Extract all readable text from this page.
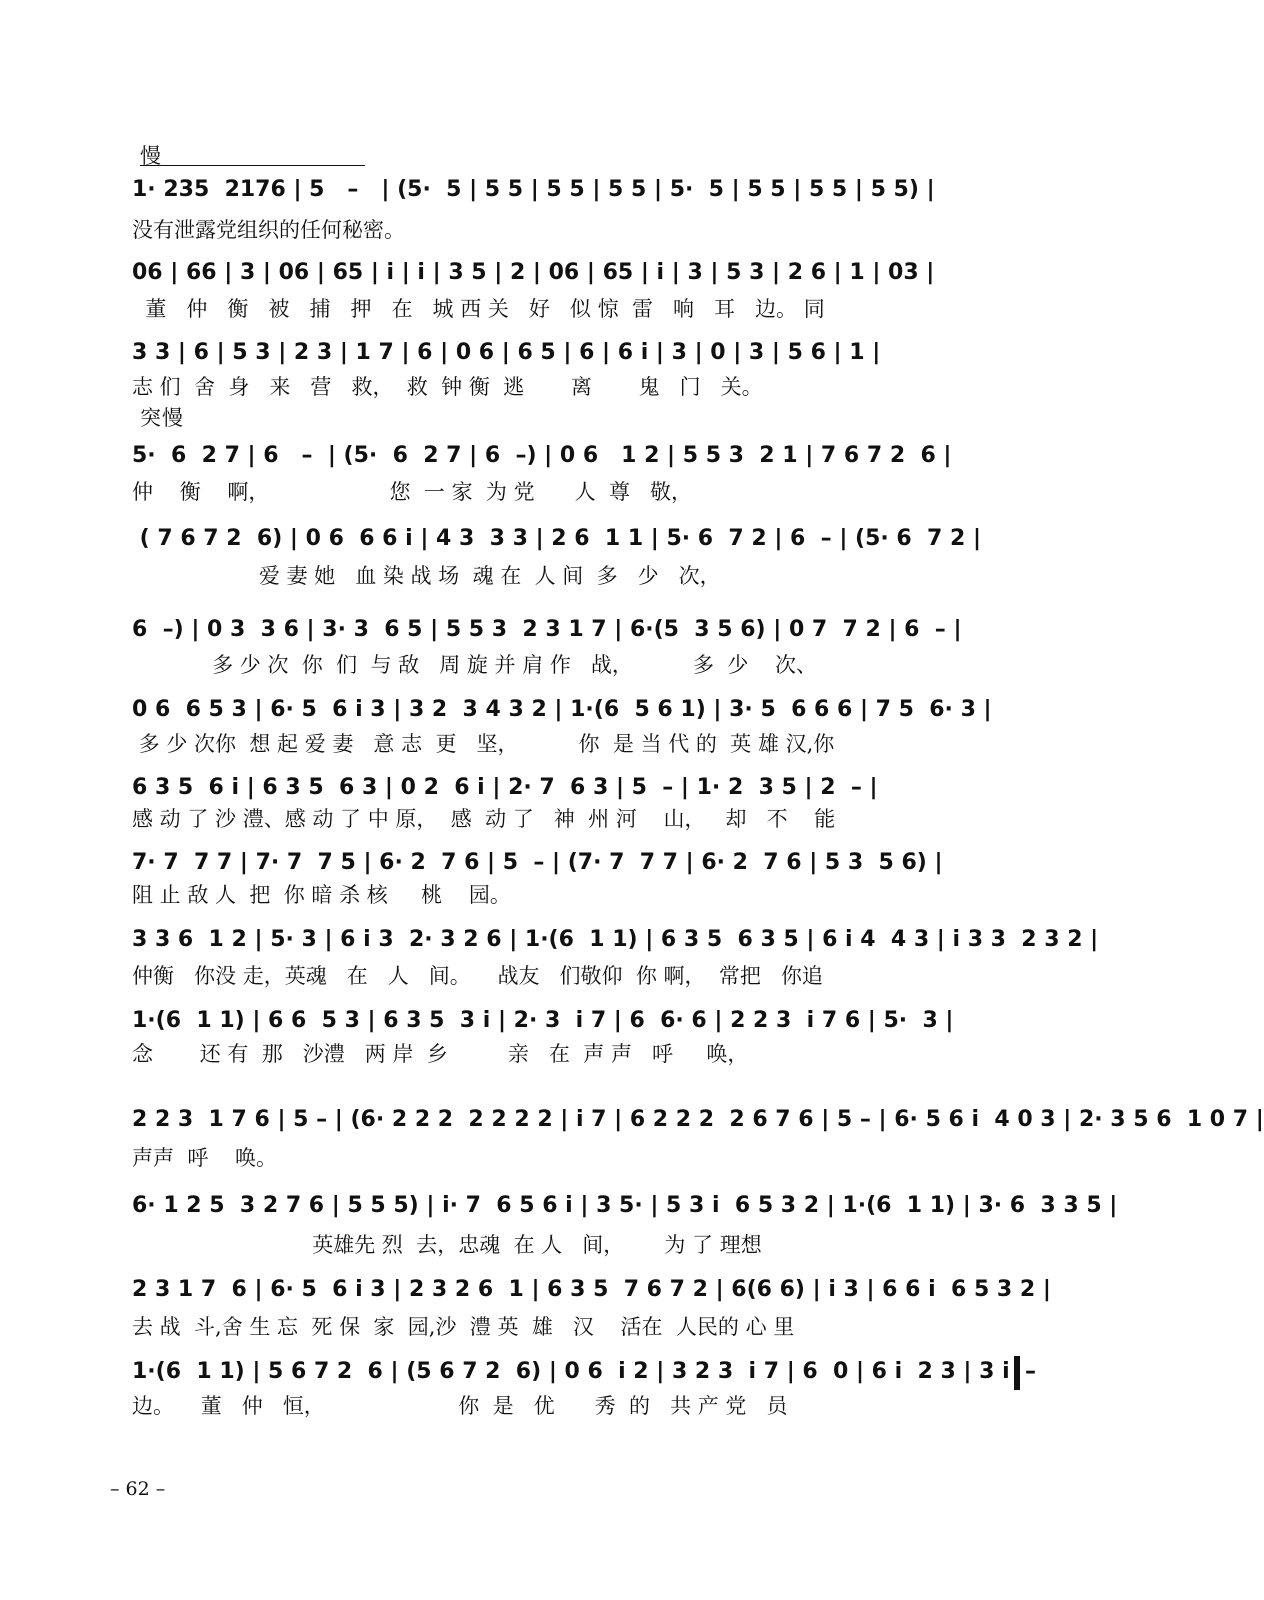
慢
1· 235  2176 | 5   –   | (5·  5 | 5 5 | 5 5 | 5 5 | 5·  5 | 5 5 | 5 5 | 5 5) |
没有泄露党组织的任何秘密。
06 | 66 | 3 | 06 | 65 | i | i | 3 5 | 2 | 06 | 65 | i | 3 | 5 3 | 2 6 | 1 | 03 |
董   仲   衡   被   捕   押   在   城 西 关   好   似 惊  雷   响   耳   边。 同
3 3 | 6 | 5 3 | 2 3 | 1 7 | 6 | 0 6 | 6 5 | 6 | 6 i | 3 | 0 | 3 | 5 6 | 1 |
志 们  舍  身   来   营   救，  救  钟 衡  逃       离       鬼   门   关。
突慢
5·  6  2 7 | 6   –  | (5·  6  2 7 | 6  –) | 0 6   1 2 | 5 5 3  2 1 | 7 6 7 2  6 |
仲    衡    啊，                  您  一 家  为 党      人  尊   敬，
( 7 6 7 2  6) | 0 6  6 6 i | 4 3  3 3 | 2 6  1 1 | 5· 6  7 2 | 6  – | (5· 6  7 2 |
爱 妻 她   血 染 战 场  魂 在  人 间  多   少   次，
6  –) | 0 3  3 6 | 3· 3  6 5 | 5 5 3  2 3 1 7 | 6·(5  3 5 6) | 0 7  7 2 | 6  – |
多 少 次  你  们  与 敌   周 旋 并 肩 作   战，         多  少    次、
0 6  6 5 3 | 6· 5  6 i 3 | 3 2  3 4 3 2 | 1·(6  5 6 1) | 3· 5  6 6 6 | 7 5  6· 3 |
多 少 次你  想 起 爱 妻   意 志  更   坚，         你  是 当 代 的  英 雄 汉,你
6 3 5  6 i | 6 3 5  6 3 | 0 2  6 i | 2· 7  6 3 | 5  – | 1· 2  3 5 | 2  – |
感 动 了 沙 澧、感 动 了 中 原，  感  动 了   神  州 河    山，   却   不    能
7· 7  7 7 | 7· 7  7 5 | 6· 2  7 6 | 5  – | (7· 7  7 7 | 6· 2  7 6 | 5 3  5 6) |
阻 止 敌 人  把  你 暗 杀 核     桃    园。
3 3 6  1 2 | 5· 3 | 6 i 3  2· 3 2 6 | 1·(6  1 1) | 6 3 5  6 3 5 | 6 i 4  4 3 | i 3 3  2 3 2 |
仲衡   你没 走，英魂   在   人   间。    战友   们敬仰  你 啊，  常把   你追
1·(6  1 1) | 6 6  5 3 | 6 3 5  3 i | 2· 3  i 7 | 6  6· 6 | 2 2 3  i 7 6 | 5·  3 |
念       还 有  那   沙澧   两 岸  乡         亲   在  声 声   呼     唤，
2 2 3  1 7 6 | 5 – | (6· 2 2 2  2 2 2 2 | i 7 | 6 2 2 2  2 6 7 6 | 5 – | 6· 5 6 i  4 0 3 | 2· 3 5 6  1 0 7 |
声声  呼    唤。
6· 1 2 5  3 2 7 6 | 5 5 5) | i· 7  6 5 6 i | 3 5· | 5 3 i  6 5 3 2 | 1·(6  1 1) | 3· 6  3 3 5 |
英雄先 烈  去，忠魂  在 人   间，      为 了 理想
2 3 1 7  6 | 6· 5  6 i 3 | 2 3 2 6  1 | 6 3 5  7 6 7 2 | 6(6 6) | i 3 | 6 6 i  6 5 3 2 |
去 战  斗,舍 生 忘  死 保  家  园,沙  澧 英  雄   汉    活在  人民的 心 里
1·(6  1 1) | 5 6 7 2  6 | (5 6 7 2  6) | 0 6  i 2 | 3 2 3  i 7 | 6  0 | 6 i  2 3 | 3 i  –
边。    董   仲   恒，                    你  是   优      秀  的   共 产 党   员
– 62 –
